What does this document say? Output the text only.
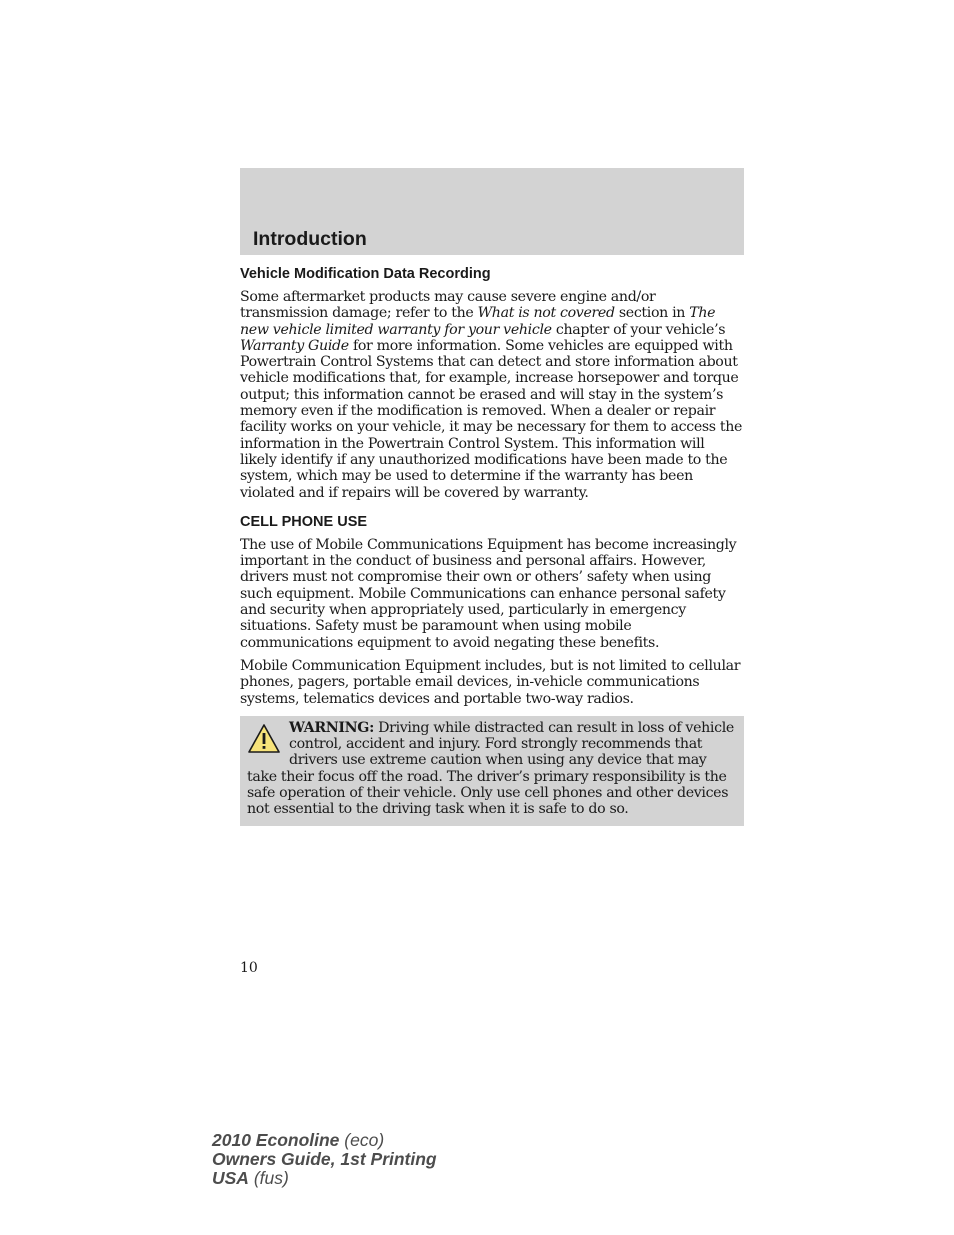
Introduction
Vehicle Modification Data Recording

Some aftermarket products may cause severe engine and/or transmission damage; refer to the What is not covered section in The new vehicle limited warranty for your vehicle chapter of your vehicle’s Warranty Guide for more information. Some vehicles are equipped with Powertrain Control Systems that can detect and store information about vehicle modifications that, for example, increase horsepower and torque output; this information cannot be erased and will stay in the system’s memory even if the modification is removed. When a dealer or repair facility works on your vehicle, it may be necessary for them to access the information in the Powertrain Control System. This information will likely identify if any unauthorized modifications have been made to the system, which may be used to determine if the warranty has been violated and if repairs will be covered by warranty.

CELL PHONE USE

The use of Mobile Communications Equipment has become increasingly important in the conduct of business and personal affairs. However, drivers must not compromise their own or others’ safety when using such equipment. Mobile Communications can enhance personal safety and security when appropriately used, particularly in emergency situations. Safety must be paramount when using mobile communications equipment to avoid negating these benefits.

Mobile Communication Equipment includes, but is not limited to cellular phones, pagers, portable email devices, in-vehicle communications systems, telematics devices and portable two-way radios.

WARNING: Driving while distracted can result in loss of vehicle control, accident and injury. Ford strongly recommends that drivers use extreme caution when using any device that may take their focus off the road. The driver’s primary responsibility is the safe operation of their vehicle. Only use cell phones and other devices not essential to the driving task when it is safe to do so.
10
2010 Econoline (eco)
Owners Guide, 1st Printing
USA (fus)
